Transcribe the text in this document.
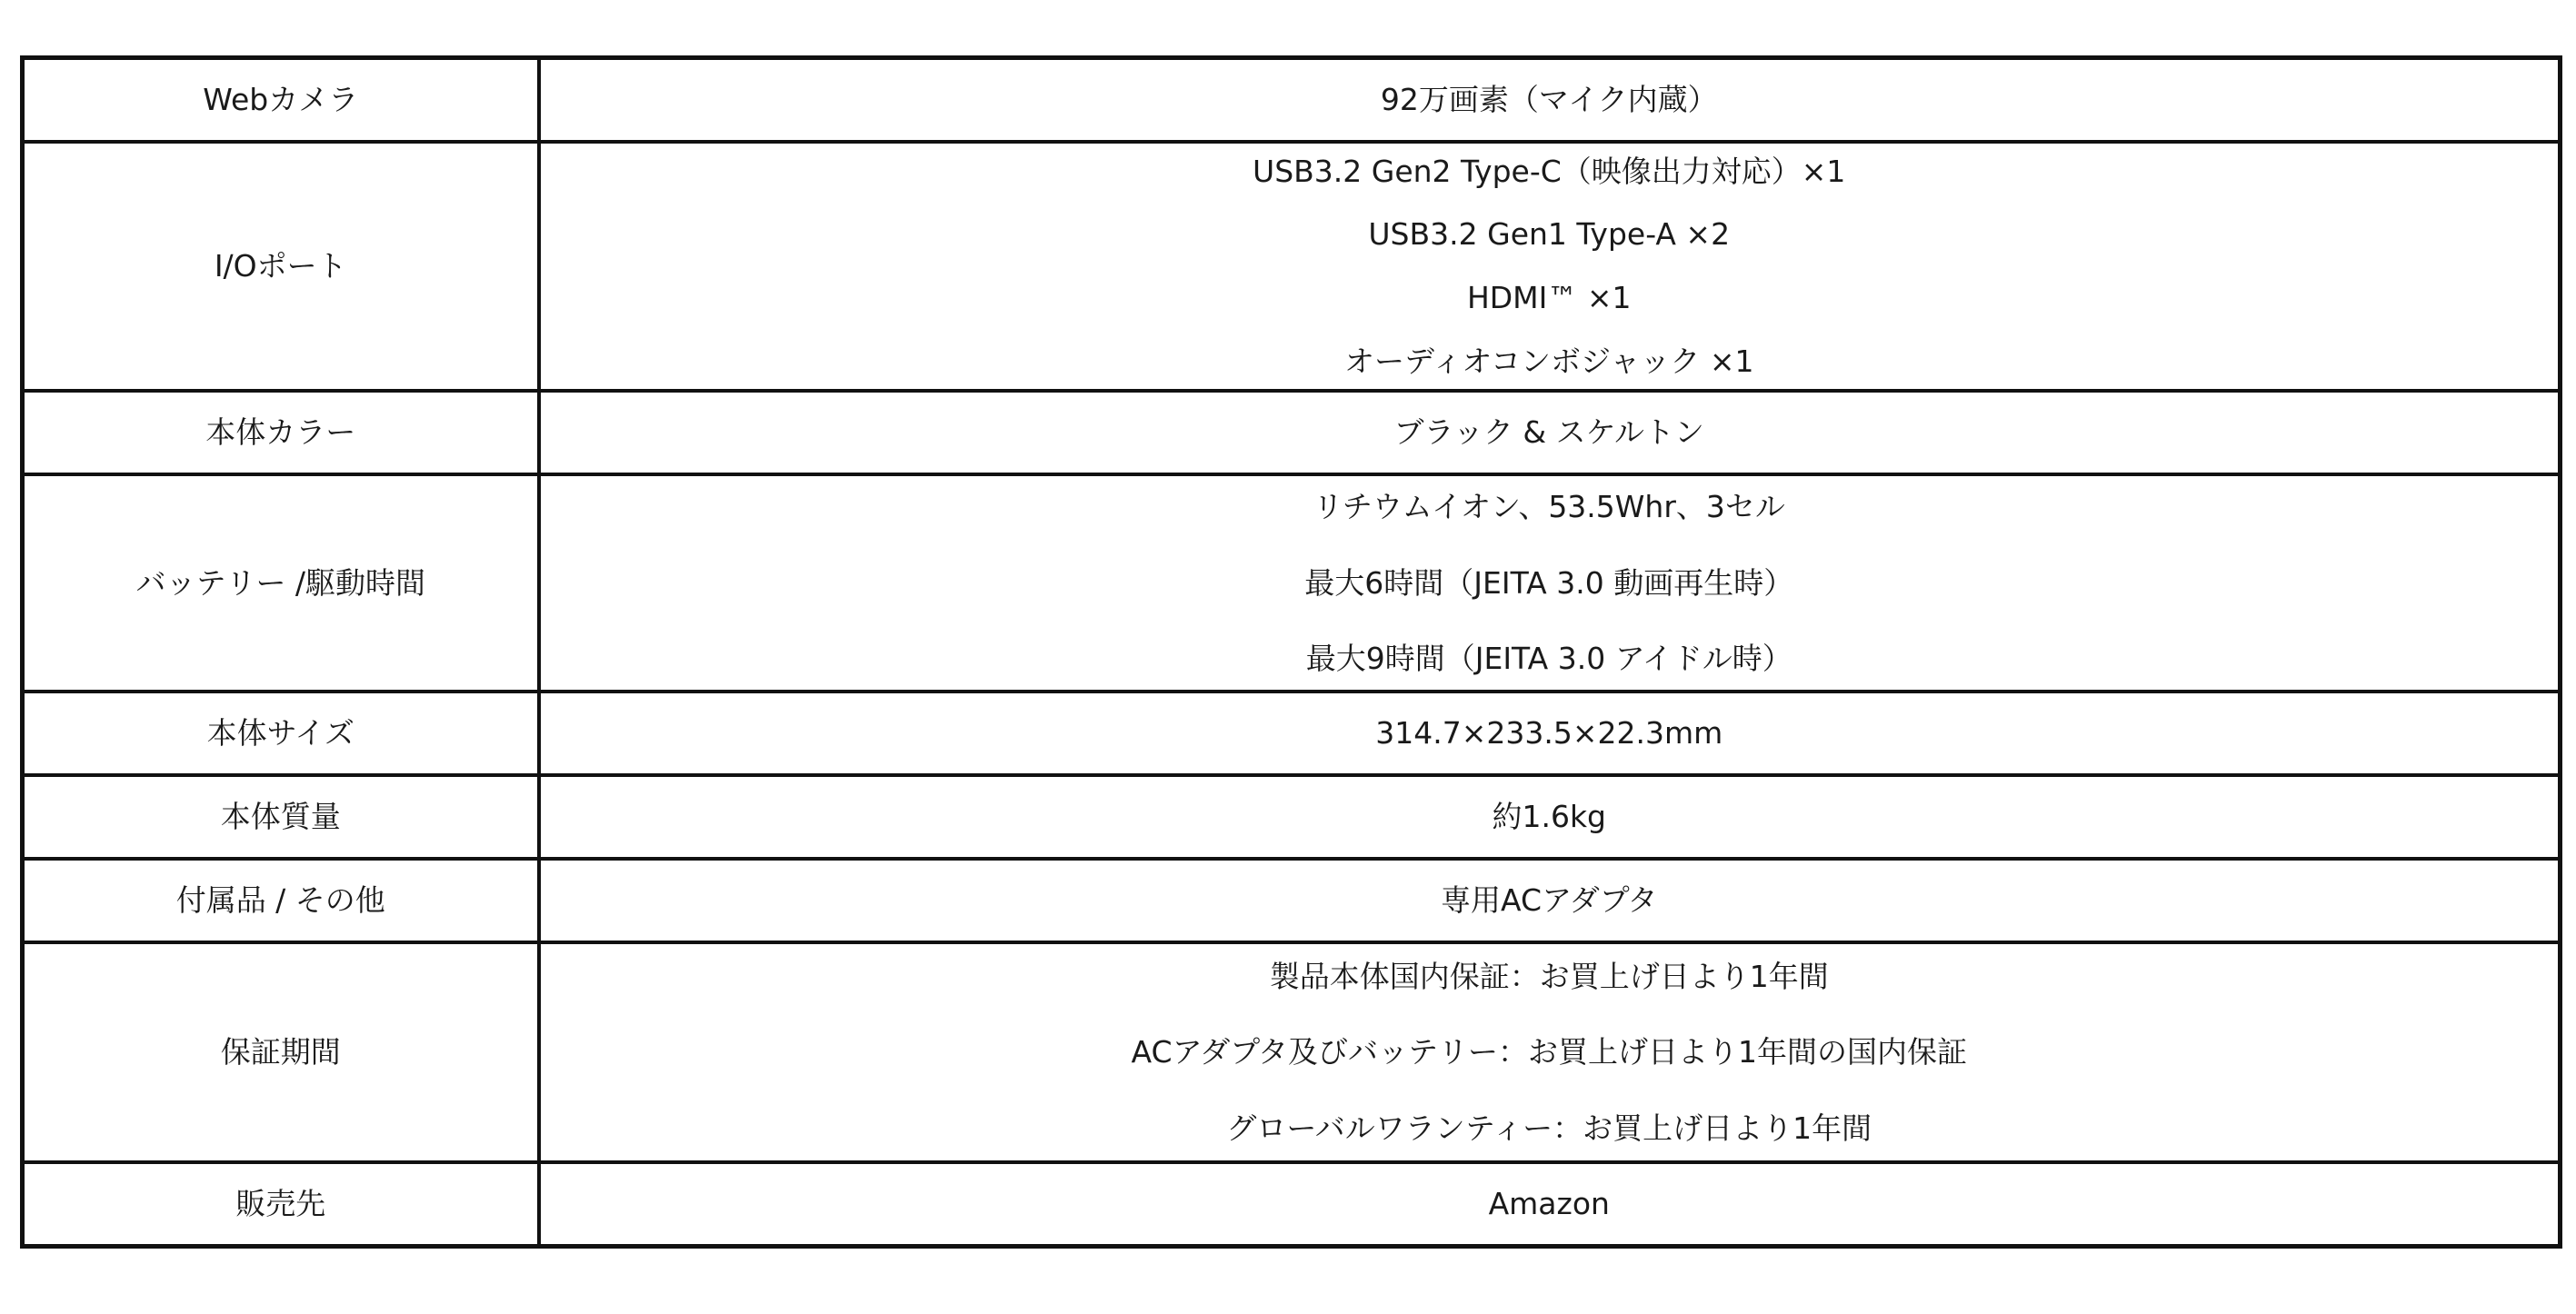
Webカメラ	92万画素（マイク内蔵）

I/Oポート	USB3.2 Gen2 Type-C（映像出力対応）×1
USB3.2 Gen1 Type-A ×2
HDMI™ ×1
オーディオコンボジャック ×1

本体カラー	ブラック & スケルトン

バッテリー /駆動時間	リチウムイオン、53.5Whr、3セル
最大6時間（JEITA 3.0 動画再生時）
最大9時間（JEITA 3.0 アイドル時）

本体サイズ	314.7×233.5×22.3mm

本体質量	約1.6kg

付属品 / その他	専用ACアダプタ

保証期間	製品本体国内保証：お買上げ日より1年間
ACアダプタ及びバッテリー：お買上げ日より1年間の国内保証
グローバルワランティー：お買上げ日より1年間

販売先	Amazon
